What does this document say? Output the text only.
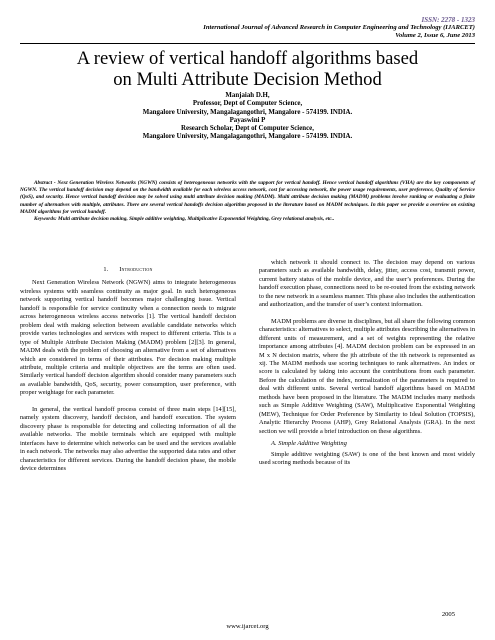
ISSN: 2278 - 1323
International Journal of Advanced Research in Computer Engineering and Technology (IJARCET)
Volume 2, Issue 6, June 2013
A review of vertical handoff algorithms based
on Multi Attribute Decision Method
Manjaiah D.H,
Professor, Dept of Computer Science,
Mangalore University, Mangalagangothri, Mangalore - 574199. INDIA.
Payaswini P
Research Scholar, Dept of Computer Science,
Mangalore University, Mangalagangothri, Mangalore - 574199. INDIA.

Abstract - Next Generation Wireless Networks (NGWN) consists of heterogeneous networks with the support for vertical handoff. Hence vertical handoff algorithms (VHA) are the key components of NGWN. The vertical handoff decision may depend on the bandwidth available for each wireless access network, cost for accessing network, the power usage requirements, user preference, Quality of Service (QoS), and security. Hence vertical handoff decision may be solved using multi attribute decision making (MADM). Multi attribute decision making (MADM) problems involve ranking or evaluating a finite number of alternatives with multiple, attributes. There are several vertical handoffs decision algorithm proposed in the literature based on MADM techniques. In this paper we provide a overview on existing MADM algorithms for vertical handoff.

Keywords: Multi attribute decision making, Simple additive weighting, Multiplicative Exponential Weighting, Grey relational analysis, etc..

1. Introduction

Next Generation Wireless Network (NGWN) aims to integrate heterogeneous wireless systems with seamless continuity as major goal. In such heterogeneous network supporting vertical handoff becomes major challenging issue. Vertical handoff is responsible for service continuity when a connection needs to migrate across heterogeneous wireless access networks [1]. The vertical handoff decision problem deal with making selection between available candidate networks which provide varies technologies and services with respect to different criteria. This is a type of Multiple Attribute Decision Making (MADM) problem [2][3]. In general, MADM deals with the problem of choosing an alternative from a set of alternatives which are considered in terms of their attributes. For decision making multiple attribute, multiple criteria and multiple objectives are the terms are often used. Similarly vertical handoff decision algorithm should consider many parameters such as available bandwidth, QoS, security, power consumption, user preference, with proper weightage for each parameter.

In general, the vertical handoff process consist of three main steps [14][15], namely system discovery, handoff decision, and handoff execution. The system discovery phase is responsible for detecting and collecting information of all the available networks. The mobile terminals which are equipped with multiple interfaces have to determine which networks can be used and the services available in each network. The networks may also advertise the supported data rates and other characteristics for different services. During the handoff decision phase, the mobile device determines

which network it should connect to. The decision may depend on various parameters such as available bandwidth, delay, jitter, access cost, transmit power, current battery status of the mobile device, and the user’s preferences. During the handoff execution phase, connections need to be re-routed from the existing network to the new network in a seamless manner. This phase also includes the authentication and authorization, and the transfer of user’s context information.

MADM problems are diverse in disciplines, but all share the following common characteristics: alternatives to select, multiple attributes describing the alternatives in different units of measurement, and a set of weights representing the relative importance among attributes [4]. MADM decision problem can be expressed in an M x N decision matrix, where the jth attribute of the ith network is represented as xij. The MADM methods use scoring techniques to rank alternatives. An index or score is calculated by taking into account the contributions from each parameter. Before the calculation of the index, normalization of the parameters is required to deal with different units. Several vertical handoff algorithms based on MADM methods have been proposed in the literature. The MADM includes many methods such as Simple Additive Weighting (SAW), Multiplicative Exponential Weighting (MEW), Technique for Order Preference by Similarity to Ideal Solution (TOPSIS), Analytic Hierarchy Process (AHP), Grey Relational Analysis (GRA). In the next section we will provide a brief introduction on these algorithms.

A. Simple Additive Weighting

Simple additive weighting (SAW) is one of the best known and most widely used scoring methods because of its

2005
www.ijarcet.org
